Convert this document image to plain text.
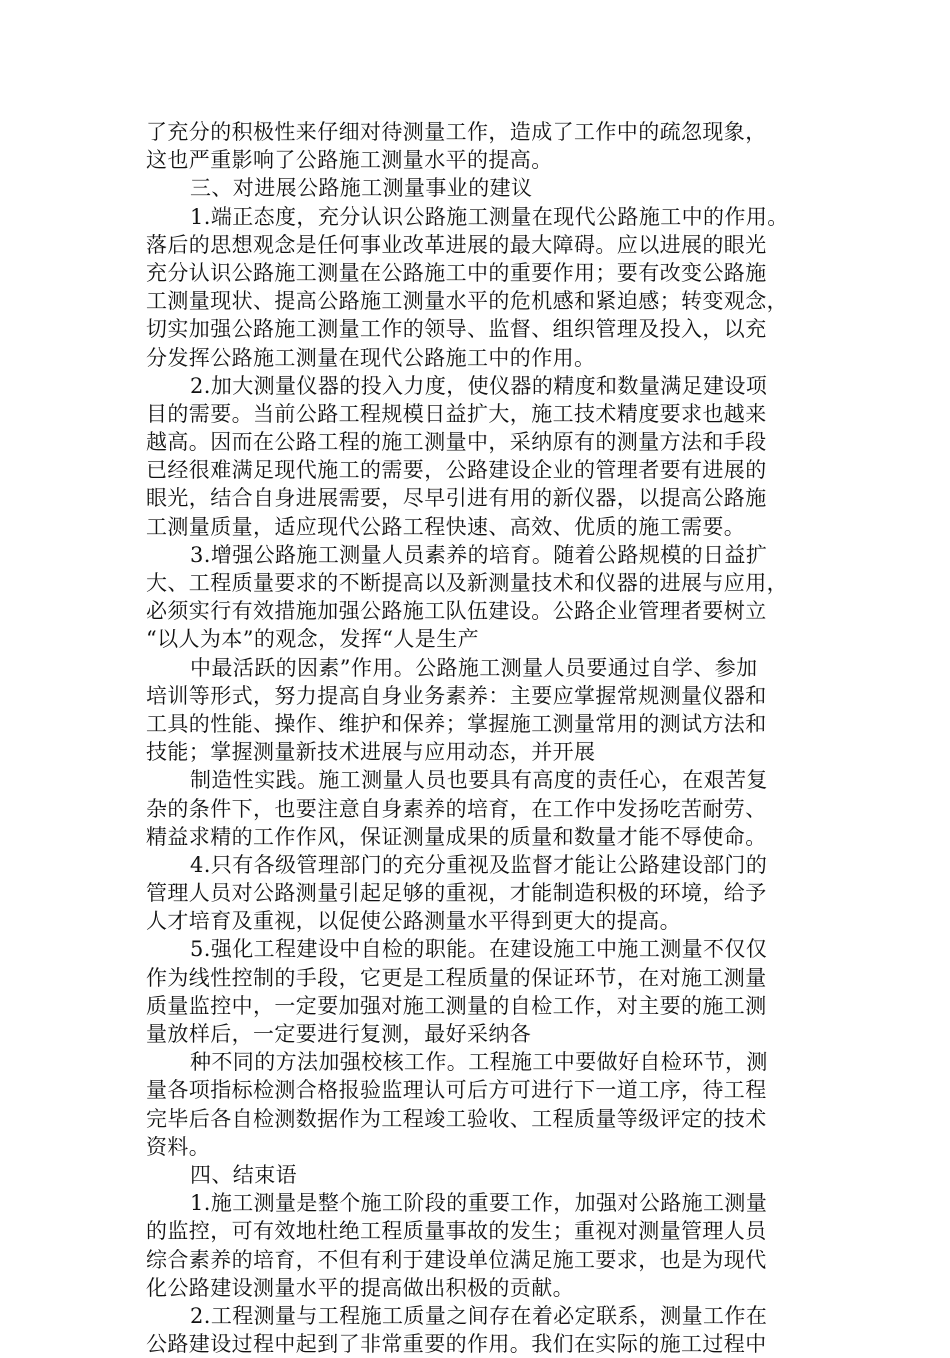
了充分的积极性来仔细对待测量工作，造成了工作中的疏忽现象，
这也严重影响了公路施工测量水平的提高。
三、对进展公路施工测量事业的建议
1.端正态度，充分认识公路施工测量在现代公路施工中的作用。
落后的思想观念是任何事业改革进展的最大障碍。应以进展的眼光
充分认识公路施工测量在公路施工中的重要作用；要有改变公路施
工测量现状、提高公路施工测量水平的危机感和紧迫感；转变观念，
切实加强公路施工测量工作的领导、监督、组织管理及投入，以充
分发挥公路施工测量在现代公路施工中的作用。
2.加大测量仪器的投入力度，使仪器的精度和数量满足建设项
目的需要。当前公路工程规模日益扩大，施工技术精度要求也越来
越高。因而在公路工程的施工测量中，采纳原有的测量方法和手段
已经很难满足现代施工的需要，公路建设企业的管理者要有进展的
眼光，结合自身进展需要，尽早引进有用的新仪器，以提高公路施
工测量质量，适应现代公路工程快速、高效、优质的施工需要。
3.增强公路施工测量人员素养的培育。随着公路规模的日益扩
大、工程质量要求的不断提高以及新测量技术和仪器的进展与应用，
必须实行有效措施加强公路施工队伍建设。公路企业管理者要树立
“以人为本”的观念，发挥“人是生产
中最活跃的因素”作用。公路施工测量人员要通过自学、参加
培训等形式，努力提高自身业务素养：主要应掌握常规测量仪器和
工具的性能、操作、维护和保养；掌握施工测量常用的测试方法和
技能；掌握测量新技术进展与应用动态，并开展
制造性实践。施工测量人员也要具有高度的责任心，在艰苦复
杂的条件下，也要注意自身素养的培育，在工作中发扬吃苦耐劳、
精益求精的工作作风，保证测量成果的质量和数量才能不辱使命。
4.只有各级管理部门的充分重视及监督才能让公路建设部门的
管理人员对公路测量引起足够的重视，才能制造积极的环境，给予
人才培育及重视，以促使公路测量水平得到更大的提高。
5.强化工程建设中自检的职能。在建设施工中施工测量不仅仅
作为线性控制的手段，它更是工程质量的保证环节，在对施工测量
质量监控中，一定要加强对施工测量的自检工作，对主要的施工测
量放样后，一定要进行复测，最好采纳各
种不同的方法加强校核工作。工程施工中要做好自检环节，测
量各项指标检测合格报验监理认可后方可进行下一道工序，待工程
完毕后各自检测数据作为工程竣工验收、工程质量等级评定的技术
资料。
四、结束语
1.施工测量是整个施工阶段的重要工作，加强对公路施工测量
的监控，可有效地杜绝工程质量事故的发生；重视对测量管理人员
综合素养的培育，不但有利于建设单位满足施工要求，也是为现代
化公路建设测量水平的提高做出积极的贡献。
2.工程测量与工程施工质量之间存在着必定联系，测量工作在
公路建设过程中起到了非常重要的作用。我们在实际的施工过程中
